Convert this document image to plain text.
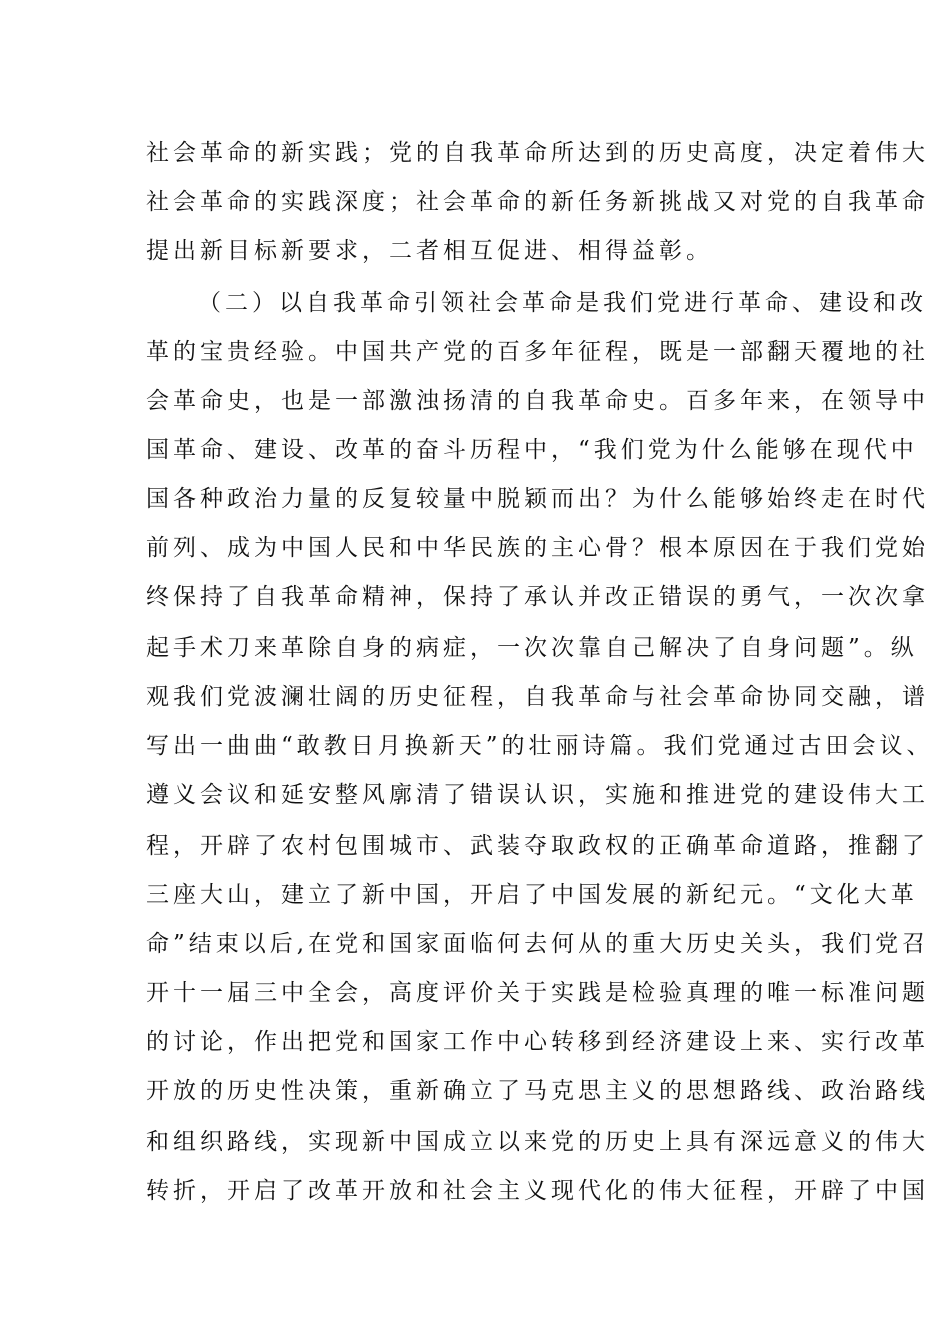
社会革命的新实践；党的自我革命所达到的历史高度，决定着伟大
社会革命的实践深度；社会革命的新任务新挑战又对党的自我革命
提出新目标新要求，二者相互促进、相得益彰。
（二）以自我革命引领社会革命是我们党进行革命、建设和改
革的宝贵经验。中国共产党的百多年征程，既是一部翻天覆地的社
会革命史，也是一部激浊扬清的自我革命史。百多年来，在领导中
国革命、建设、改革的奋斗历程中，“我们党为什么能够在现代中
国各种政治力量的反复较量中脱颖而出？为什么能够始终走在时代
前列、成为中国人民和中华民族的主心骨？根本原因在于我们党始
终保持了自我革命精神，保持了承认并改正错误的勇气，一次次拿
起手术刀来革除自身的病症，一次次靠自己解决了自身问题”。纵
观我们党波澜壮阔的历史征程，自我革命与社会革命协同交融，谱
写出一曲曲“敢教日月换新天”的壮丽诗篇。我们党通过古田会议、
遵义会议和延安整风廓清了错误认识，实施和推进党的建设伟大工
程，开辟了农村包围城市、武装夺取政权的正确革命道路，推翻了
三座大山，建立了新中国，开启了中国发展的新纪元。“文化大革
命”结束以后,在党和国家面临何去何从的重大历史关头，我们党召
开十一届三中全会，高度评价关于实践是检验真理的唯一标准问题
的讨论，作出把党和国家工作中心转移到经济建设上来、实行改革
开放的历史性决策，重新确立了马克思主义的思想路线、政治路线
和组织路线，实现新中国成立以来党的历史上具有深远意义的伟大
转折，开启了改革开放和社会主义现代化的伟大征程，开辟了中国
